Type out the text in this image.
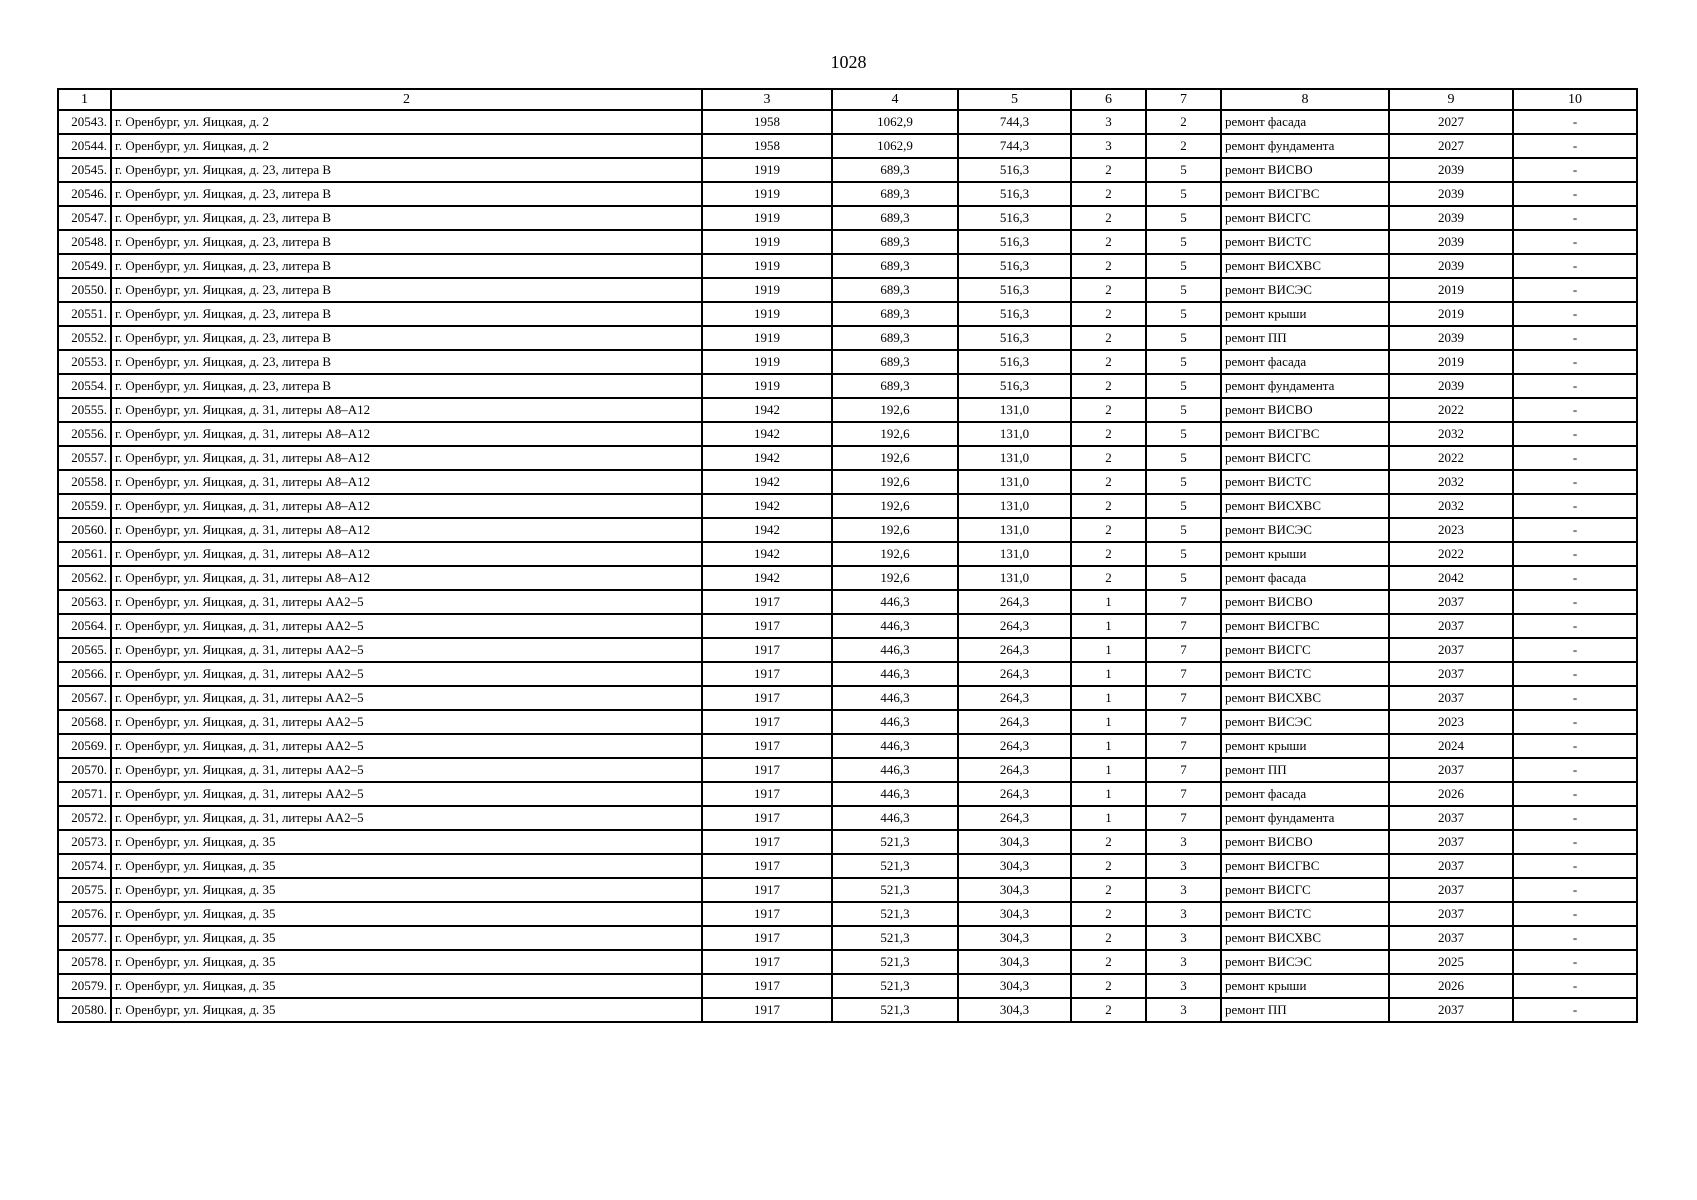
1028
1	2	3	4	5	6	7	8	9	10
20543.	г. Оренбург, ул. Яицкая, д. 2	1958	1062,9	744,3	3	2	ремонт фасада	2027	-
20544.	г. Оренбург, ул. Яицкая, д. 2	1958	1062,9	744,3	3	2	ремонт фундамента	2027	-
20545.	г. Оренбург, ул. Яицкая, д. 23, литера В	1919	689,3	516,3	2	5	ремонт ВИСВО	2039	-
20546.	г. Оренбург, ул. Яицкая, д. 23, литера В	1919	689,3	516,3	2	5	ремонт ВИСГВС	2039	-
20547.	г. Оренбург, ул. Яицкая, д. 23, литера В	1919	689,3	516,3	2	5	ремонт ВИСГС	2039	-
20548.	г. Оренбург, ул. Яицкая, д. 23, литера В	1919	689,3	516,3	2	5	ремонт ВИСТС	2039	-
20549.	г. Оренбург, ул. Яицкая, д. 23, литера В	1919	689,3	516,3	2	5	ремонт ВИСХВС	2039	-
20550.	г. Оренбург, ул. Яицкая, д. 23, литера В	1919	689,3	516,3	2	5	ремонт ВИСЭС	2019	-
20551.	г. Оренбург, ул. Яицкая, д. 23, литера В	1919	689,3	516,3	2	5	ремонт крыши	2019	-
20552.	г. Оренбург, ул. Яицкая, д. 23, литера В	1919	689,3	516,3	2	5	ремонт ПП	2039	-
20553.	г. Оренбург, ул. Яицкая, д. 23, литера В	1919	689,3	516,3	2	5	ремонт фасада	2019	-
20554.	г. Оренбург, ул. Яицкая, д. 23, литера В	1919	689,3	516,3	2	5	ремонт фундамента	2039	-
20555.	г. Оренбург, ул. Яицкая, д. 31, литеры А8–А12	1942	192,6	131,0	2	5	ремонт ВИСВО	2022	-
20556.	г. Оренбург, ул. Яицкая, д. 31, литеры А8–А12	1942	192,6	131,0	2	5	ремонт ВИСГВС	2032	-
20557.	г. Оренбург, ул. Яицкая, д. 31, литеры А8–А12	1942	192,6	131,0	2	5	ремонт ВИСГС	2022	-
20558.	г. Оренбург, ул. Яицкая, д. 31, литеры А8–А12	1942	192,6	131,0	2	5	ремонт ВИСТС	2032	-
20559.	г. Оренбург, ул. Яицкая, д. 31, литеры А8–А12	1942	192,6	131,0	2	5	ремонт ВИСХВС	2032	-
20560.	г. Оренбург, ул. Яицкая, д. 31, литеры А8–А12	1942	192,6	131,0	2	5	ремонт ВИСЭС	2023	-
20561.	г. Оренбург, ул. Яицкая, д. 31, литеры А8–А12	1942	192,6	131,0	2	5	ремонт крыши	2022	-
20562.	г. Оренбург, ул. Яицкая, д. 31, литеры А8–А12	1942	192,6	131,0	2	5	ремонт фасада	2042	-
20563.	г. Оренбург, ул. Яицкая, д. 31, литеры АА2–5	1917	446,3	264,3	1	7	ремонт ВИСВО	2037	-
20564.	г. Оренбург, ул. Яицкая, д. 31, литеры АА2–5	1917	446,3	264,3	1	7	ремонт ВИСГВС	2037	-
20565.	г. Оренбург, ул. Яицкая, д. 31, литеры АА2–5	1917	446,3	264,3	1	7	ремонт ВИСГС	2037	-
20566.	г. Оренбург, ул. Яицкая, д. 31, литеры АА2–5	1917	446,3	264,3	1	7	ремонт ВИСТС	2037	-
20567.	г. Оренбург, ул. Яицкая, д. 31, литеры АА2–5	1917	446,3	264,3	1	7	ремонт ВИСХВС	2037	-
20568.	г. Оренбург, ул. Яицкая, д. 31, литеры АА2–5	1917	446,3	264,3	1	7	ремонт ВИСЭС	2023	-
20569.	г. Оренбург, ул. Яицкая, д. 31, литеры АА2–5	1917	446,3	264,3	1	7	ремонт крыши	2024	-
20570.	г. Оренбург, ул. Яицкая, д. 31, литеры АА2–5	1917	446,3	264,3	1	7	ремонт ПП	2037	-
20571.	г. Оренбург, ул. Яицкая, д. 31, литеры АА2–5	1917	446,3	264,3	1	7	ремонт фасада	2026	-
20572.	г. Оренбург, ул. Яицкая, д. 31, литеры АА2–5	1917	446,3	264,3	1	7	ремонт фундамента	2037	-
20573.	г. Оренбург, ул. Яицкая, д. 35	1917	521,3	304,3	2	3	ремонт ВИСВО	2037	-
20574.	г. Оренбург, ул. Яицкая, д. 35	1917	521,3	304,3	2	3	ремонт ВИСГВС	2037	-
20575.	г. Оренбург, ул. Яицкая, д. 35	1917	521,3	304,3	2	3	ремонт ВИСГС	2037	-
20576.	г. Оренбург, ул. Яицкая, д. 35	1917	521,3	304,3	2	3	ремонт ВИСТС	2037	-
20577.	г. Оренбург, ул. Яицкая, д. 35	1917	521,3	304,3	2	3	ремонт ВИСХВС	2037	-
20578.	г. Оренбург, ул. Яицкая, д. 35	1917	521,3	304,3	2	3	ремонт ВИСЭС	2025	-
20579.	г. Оренбург, ул. Яицкая, д. 35	1917	521,3	304,3	2	3	ремонт крыши	2026	-
20580.	г. Оренбург, ул. Яицкая, д. 35	1917	521,3	304,3	2	3	ремонт ПП	2037	-
